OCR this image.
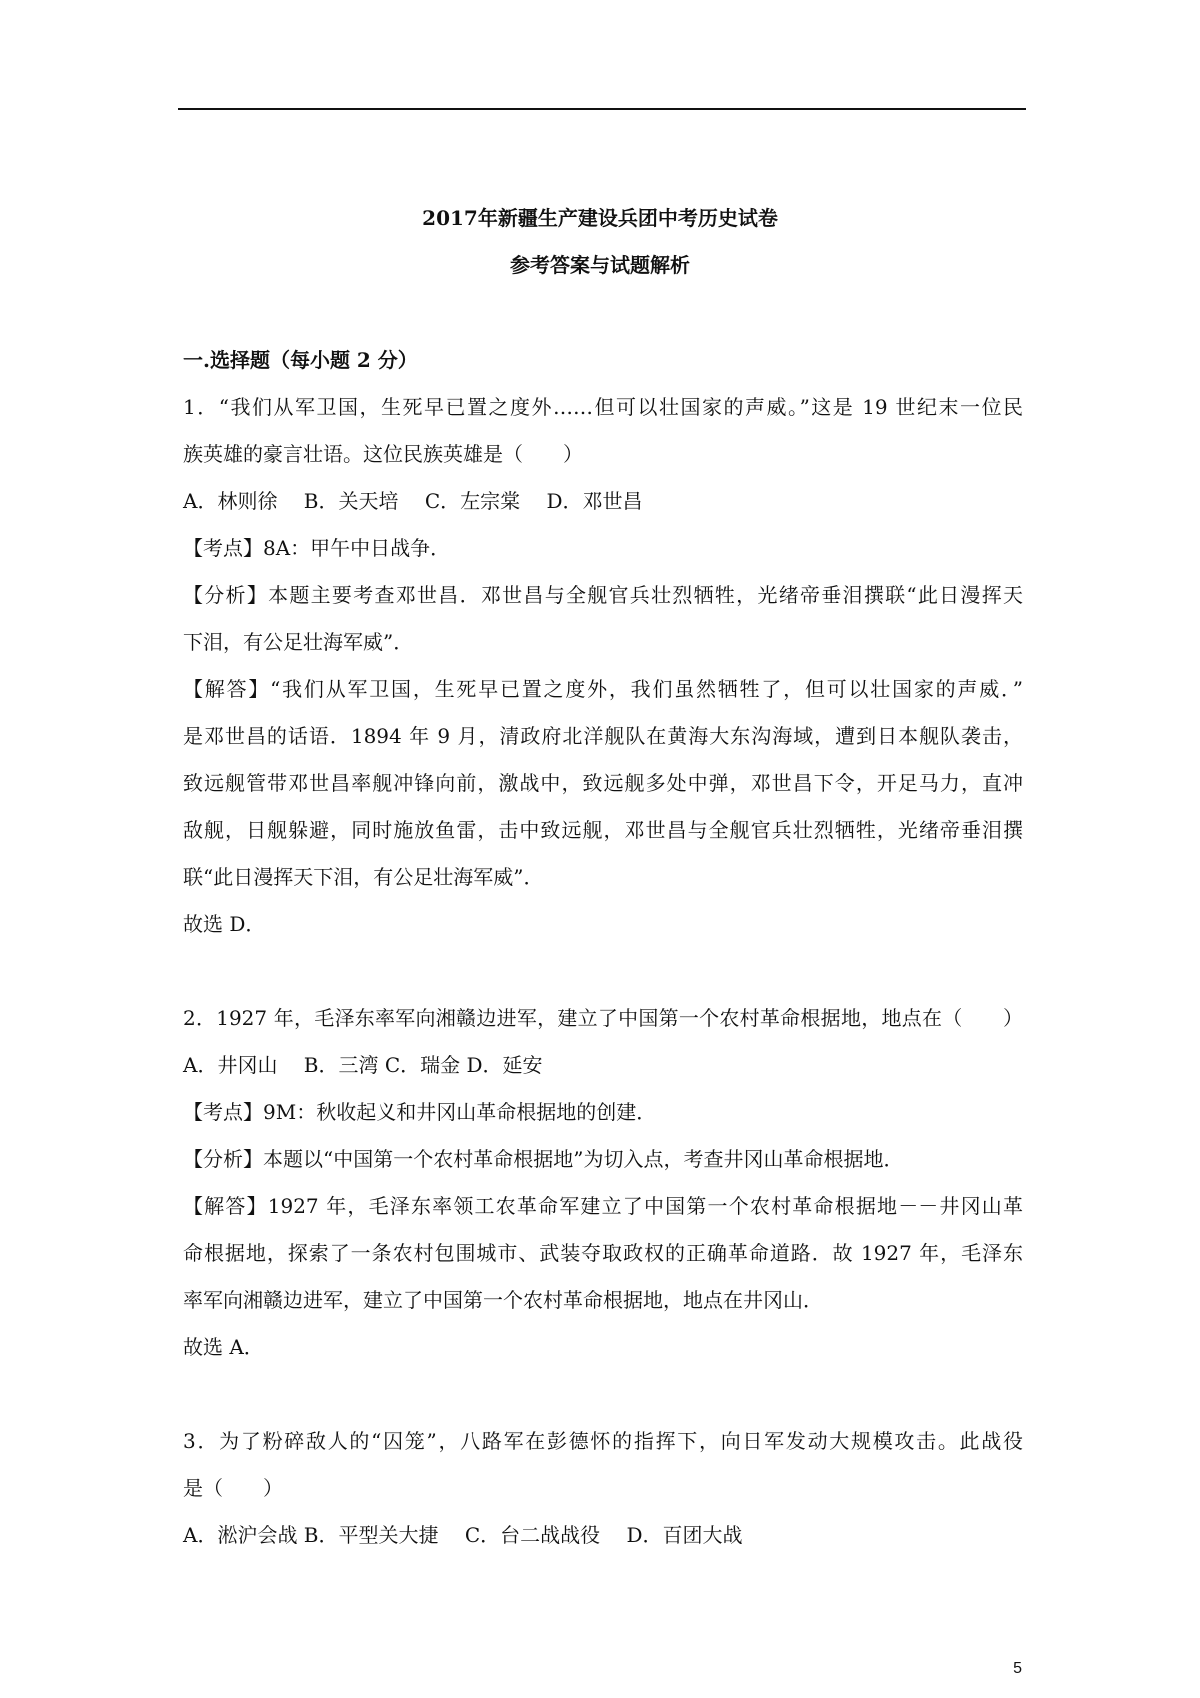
2017年新疆生产建设兵团中考历史试卷
参考答案与试题解析
一.选择题（每小题 2 分）
1．“我们从军卫国，生死早已置之度外……但可以壮国家的声威。”这是 19 世纪末一位民
族英雄的豪言壮语。这位民族英雄是（　　）
A．林则徐　 B．关天培　 C．左宗棠　 D．邓世昌
【考点】8A：甲午中日战争．
【分析】本题主要考查邓世昌．邓世昌与全舰官兵壮烈牺牲，光绪帝垂泪撰联“此日漫挥天
下泪，有公足壮海军威”．
【解答】“我们从军卫国，生死早已置之度外，我们虽然牺牲了，但可以壮国家的声威．”
是邓世昌的话语．1894 年 9 月，清政府北洋舰队在黄海大东沟海域，遭到日本舰队袭击，
致远舰管带邓世昌率舰冲锋向前，激战中，致远舰多处中弹，邓世昌下令，开足马力，直冲
敌舰，日舰躲避，同时施放鱼雷，击中致远舰，邓世昌与全舰官兵壮烈牺牲，光绪帝垂泪撰
联“此日漫挥天下泪，有公足壮海军威”．
故选 D．
2．1927 年，毛泽东率军向湘赣边进军，建立了中国第一个农村革命根据地，地点在（　　）
A．井冈山　 B．三湾 C．瑞金 D．延安
【考点】9M：秋收起义和井冈山革命根据地的创建．
【分析】本题以“中国第一个农村革命根据地”为切入点，考查井冈山革命根据地．
【解答】1927 年，毛泽东率领工农革命军建立了中国第一个农村革命根据地－－井冈山革
命根据地，探索了一条农村包围城市、武装夺取政权的正确革命道路．故 1927 年，毛泽东
率军向湘赣边进军，建立了中国第一个农村革命根据地，地点在井冈山．
故选 A．
3．为了粉碎敌人的“囚笼”，八路军在彭德怀的指挥下，向日军发动大规模攻击。此战役
是（　　）
A．淞沪会战 B．平型关大捷　 C．台二战战役　 D．百团大战
5
